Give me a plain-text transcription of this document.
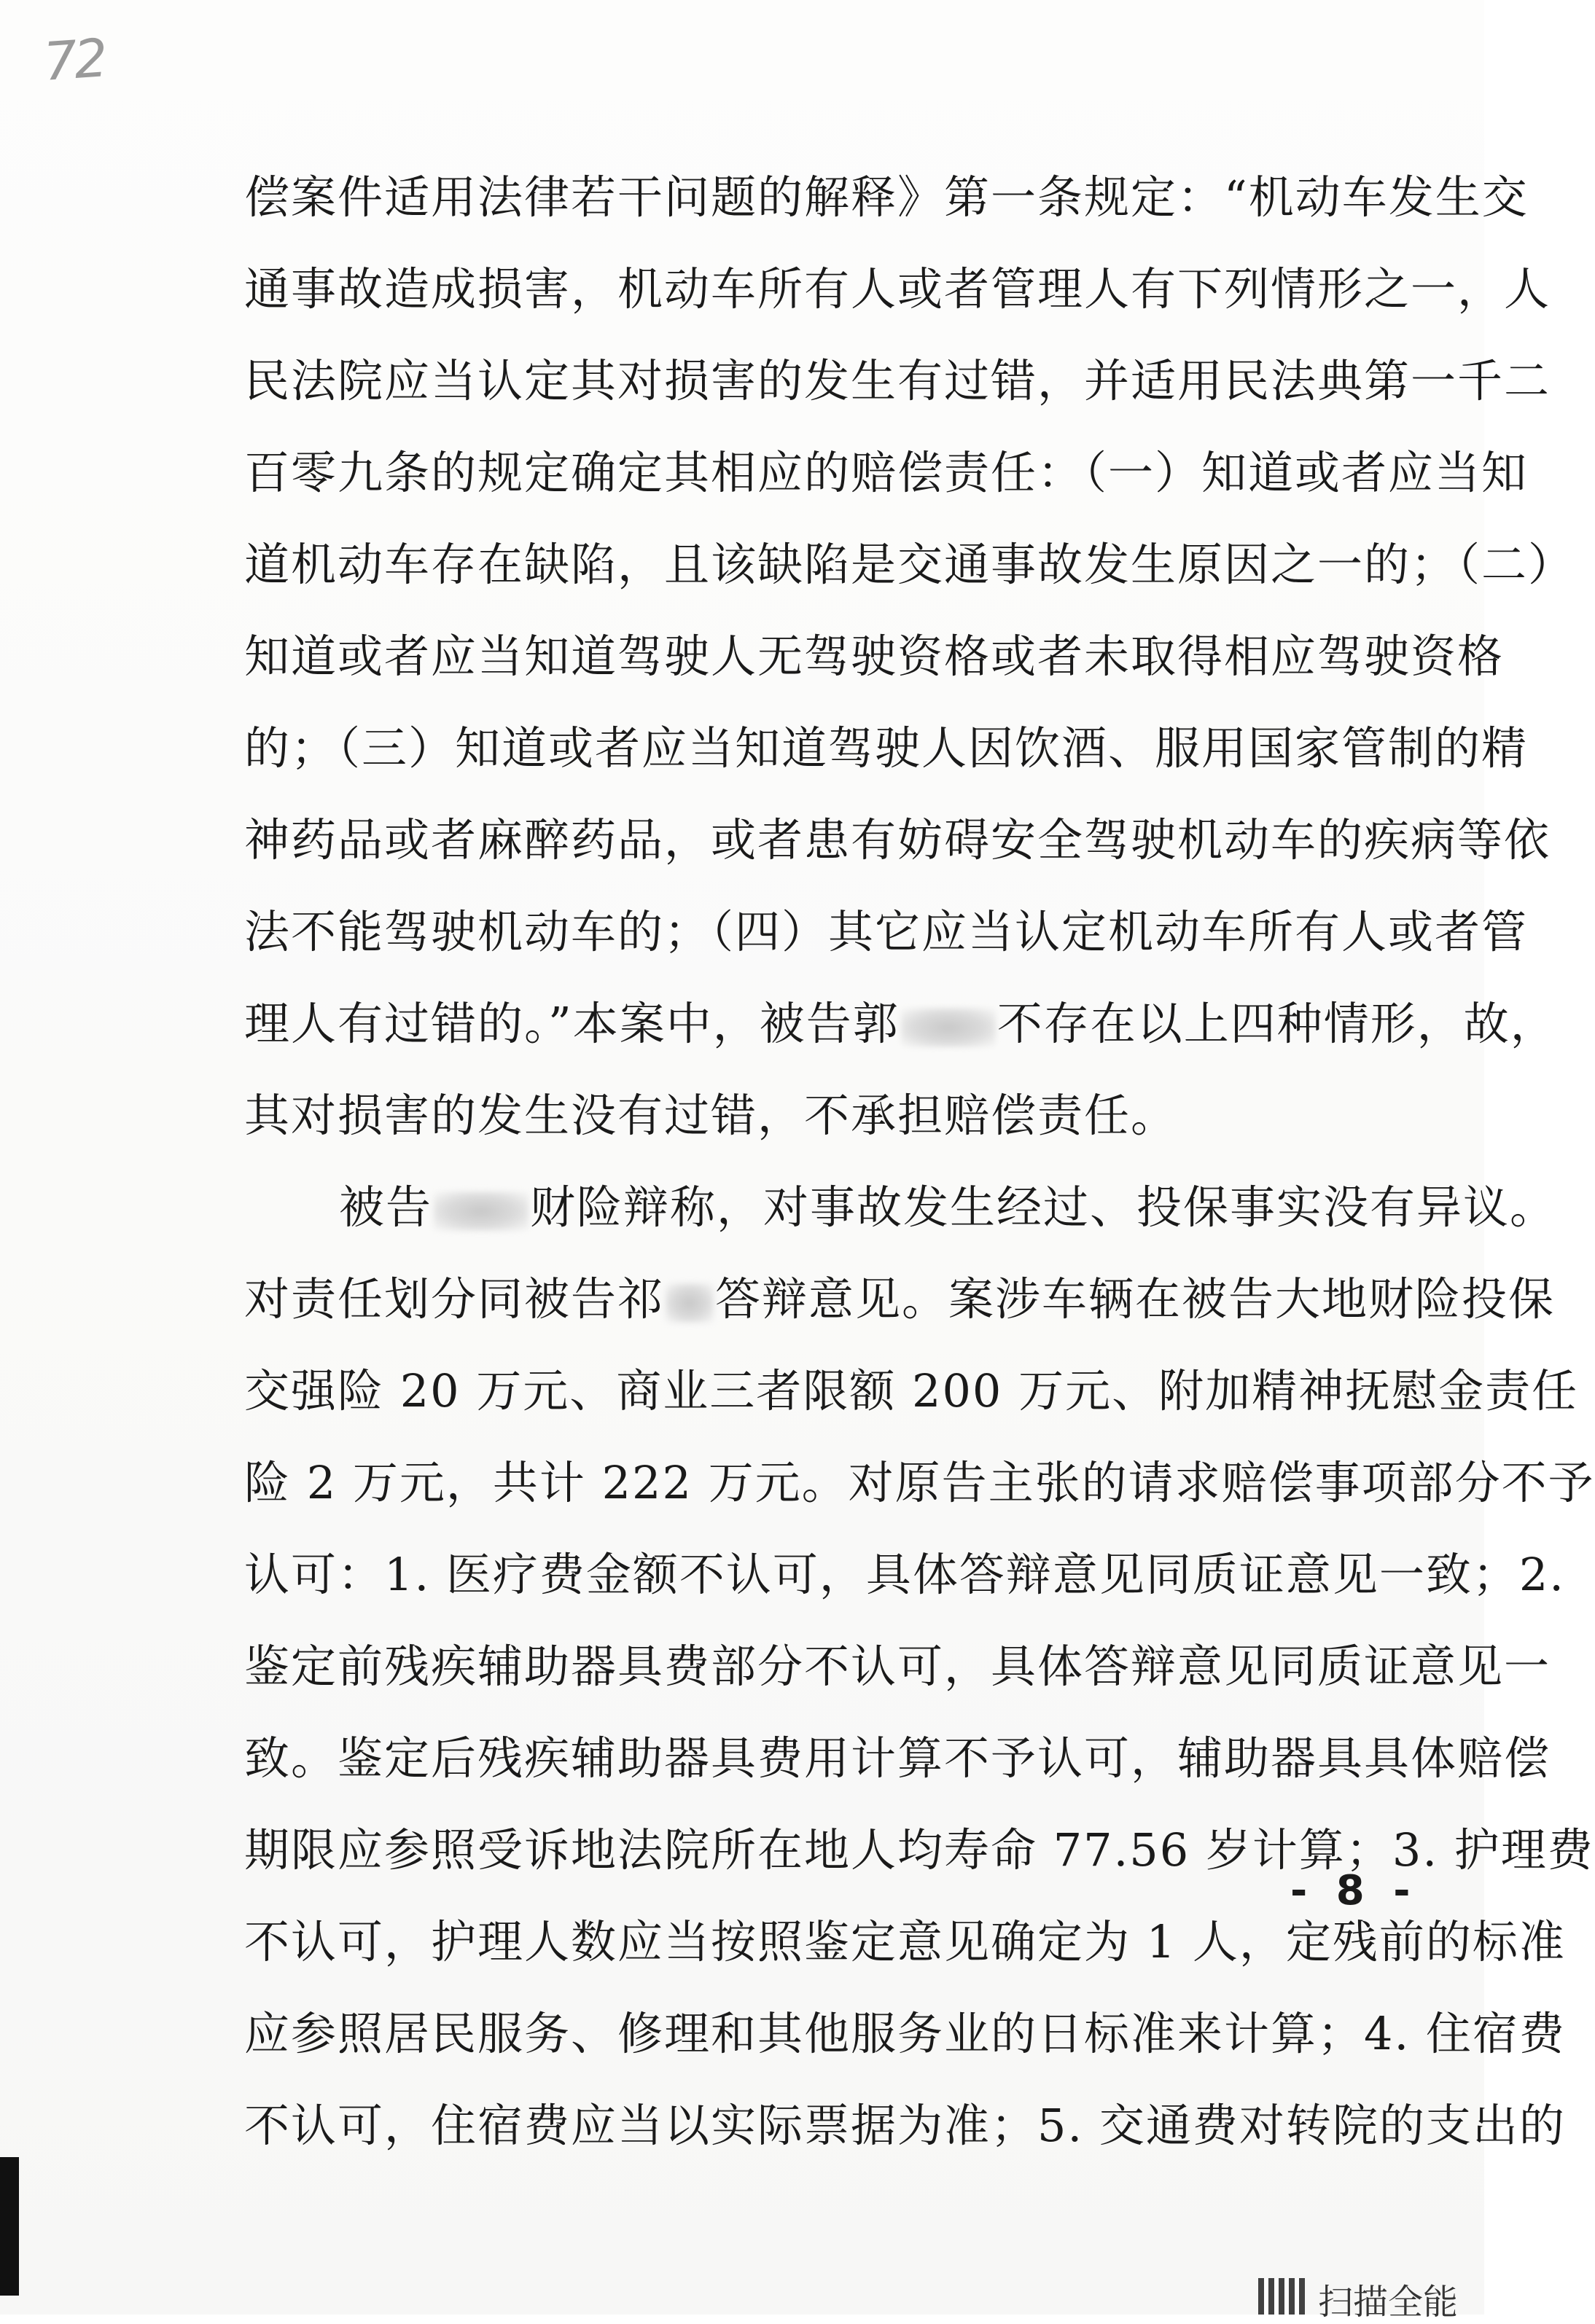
72
偿案件适用法律若干问题的解释》第一条规定：“机动车发生交
通事故造成损害，机动车所有人或者管理人有下列情形之一，人
民法院应当认定其对损害的发生有过错，并适用民法典第一千二
百零九条的规定确定其相应的赔偿责任：（一）知道或者应当知
道机动车存在缺陷，且该缺陷是交通事故发生原因之一的；（二）
知道或者应当知道驾驶人无驾驶资格或者未取得相应驾驶资格
的；（三）知道或者应当知道驾驶人因饮酒、服用国家管制的精
神药品或者麻醉药品，或者患有妨碍安全驾驶机动车的疾病等依
法不能驾驶机动车的；（四）其它应当认定机动车所有人或者管
理人有过错的。”本案中，被告郭 不存在以上四种情形，故，
其对损害的发生没有过错，不承担赔偿责任。
被告 财险辩称，对事故发生经过、投保事实没有异议。
对责任划分同被告祁 答辩意见。案涉车辆在被告大地财险投保
交强险 20 万元、商业三者限额 200 万元、附加精神抚慰金责任
险 2 万元，共计 222 万元。对原告主张的请求赔偿事项部分不予
认可：1. 医疗费金额不认可，具体答辩意见同质证意见一致；2.
鉴定前残疾辅助器具费部分不认可，具体答辩意见同质证意见一
致。鉴定后残疾辅助器具费用计算不予认可，辅助器具具体赔偿
期限应参照受诉地法院所在地人均寿命 77.56 岁计算；3. 护理费
不认可，护理人数应当按照鉴定意见确定为 1 人，定残前的标准
应参照居民服务、修理和其他服务业的日标准来计算；4. 住宿费
不认可，住宿费应当以实际票据为准；5. 交通费对转院的支出的
- 8 -
扫描全能
